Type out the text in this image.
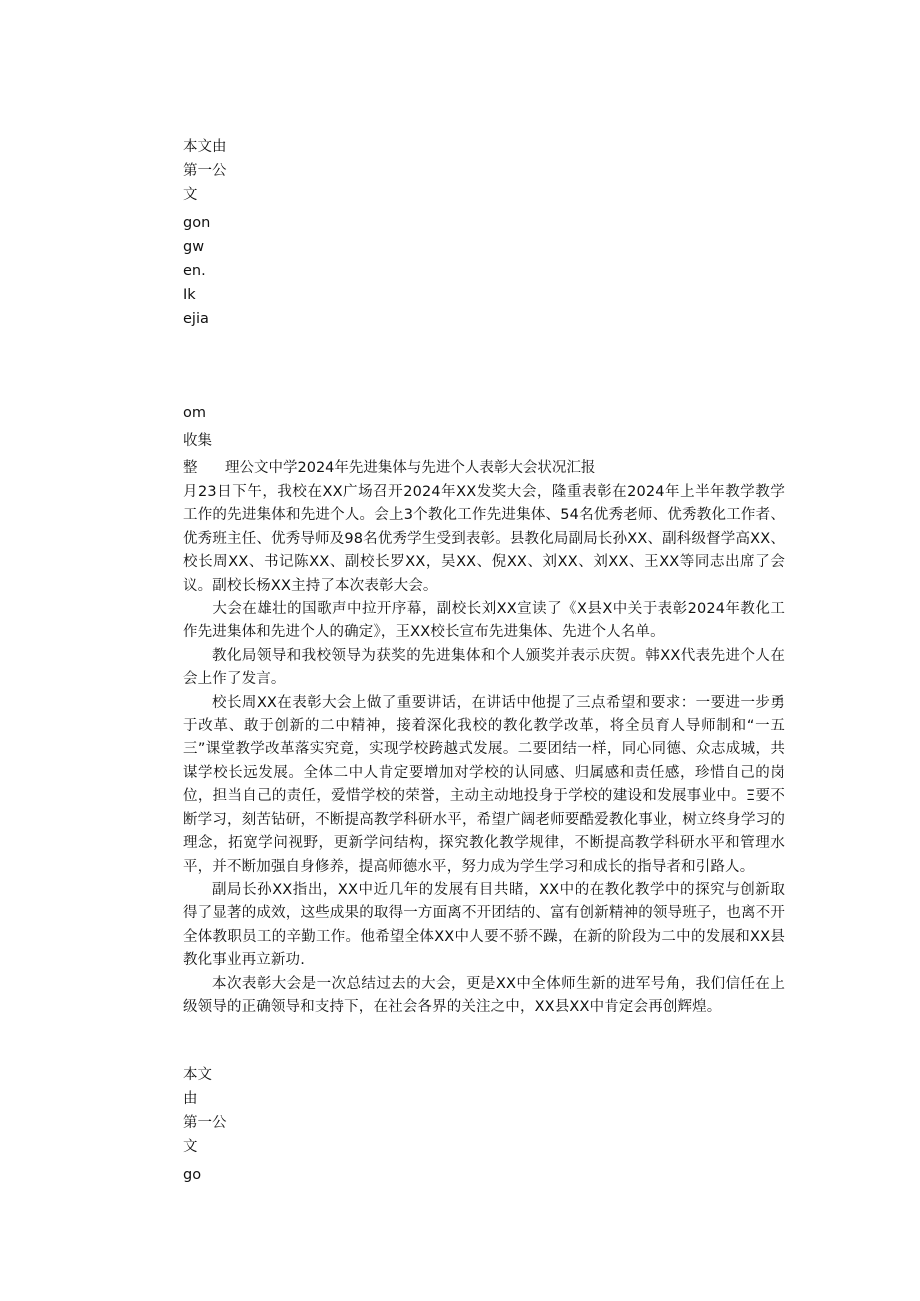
本文由
第一公
文
gon
gw
en.
Ik
ejia
om
收集
整 理公文中学2024年先进集体与先进个人表彰大会状况汇报

月23日下午，我校在XX广场召开2024年XX发奖大会，隆重表彰在2024年上半年教学教学工作的先进集体和先进个人。会上3个教化工作先进集体、54名优秀老师、优秀教化工作者、优秀班主任、优秀导师及98名优秀学生受到表彰。县教化局副局长孙XX、副科级督学高XX、校长周XX、书记陈XX、副校长罗XX，吴XX、倪XX、刘XX、刘XX、王XX等同志出席了会议。副校长杨XX主持了本次表彰大会。

大会在雄壮的国歌声中拉开序幕，副校长刘XX宣读了《X县X中关于表彰2024年教化工作先进集体和先进个人的确定》，王XX校长宣布先进集体、先进个人名单。

教化局领导和我校领导为获奖的先进集体和个人颁奖并表示庆贺。韩XX代表先进个人在会上作了发言。

校长周XX在表彰大会上做了重要讲话，在讲话中他提了三点希望和要求：一要进一步勇于改革、敢于创新的二中精神，接着深化我校的教化教学改革，将全员育人导师制和“一五三”课堂教学改革落实究竟，实现学校跨越式发展。二要团结一样，同心同德、众志成城，共谋学校长远发展。全体二中人肯定要增加对学校的认同感、归属感和责任感，珍惜自己的岗位，担当自己的责任，爱惜学校的荣誉，主动主动地投身于学校的建设和发展事业中。Ξ要不断学习，刻苦钻研，不断提高教学科研水平，希望广阔老师要酷爱教化事业，树立终身学习的理念，拓宽学问视野，更新学问结构，探究教化教学规律，不断提高教学科研水平和管理水平，并不断加强自身修养，提高师德水平，努力成为学生学习和成长的指导者和引路人。

副局长孙XX指出，XX中近几年的发展有目共睹，XX中的在教化教学中的探究与创新取得了显著的成效，这些成果的取得一方面离不开团结的、富有创新精神的领导班子，也离不开全体教职员工的辛勤工作。他希望全体XX中人要不骄不躁，在新的阶段为二中的发展和XX县教化事业再立新功.

本次表彰大会是一次总结过去的大会，更是XX中全体师生新的进军号角，我们信任在上级领导的正确领导和支持下，在社会各界的关注之中，XX县XX中肯定会再创辉煌。

本文
由
第一公
文
go
